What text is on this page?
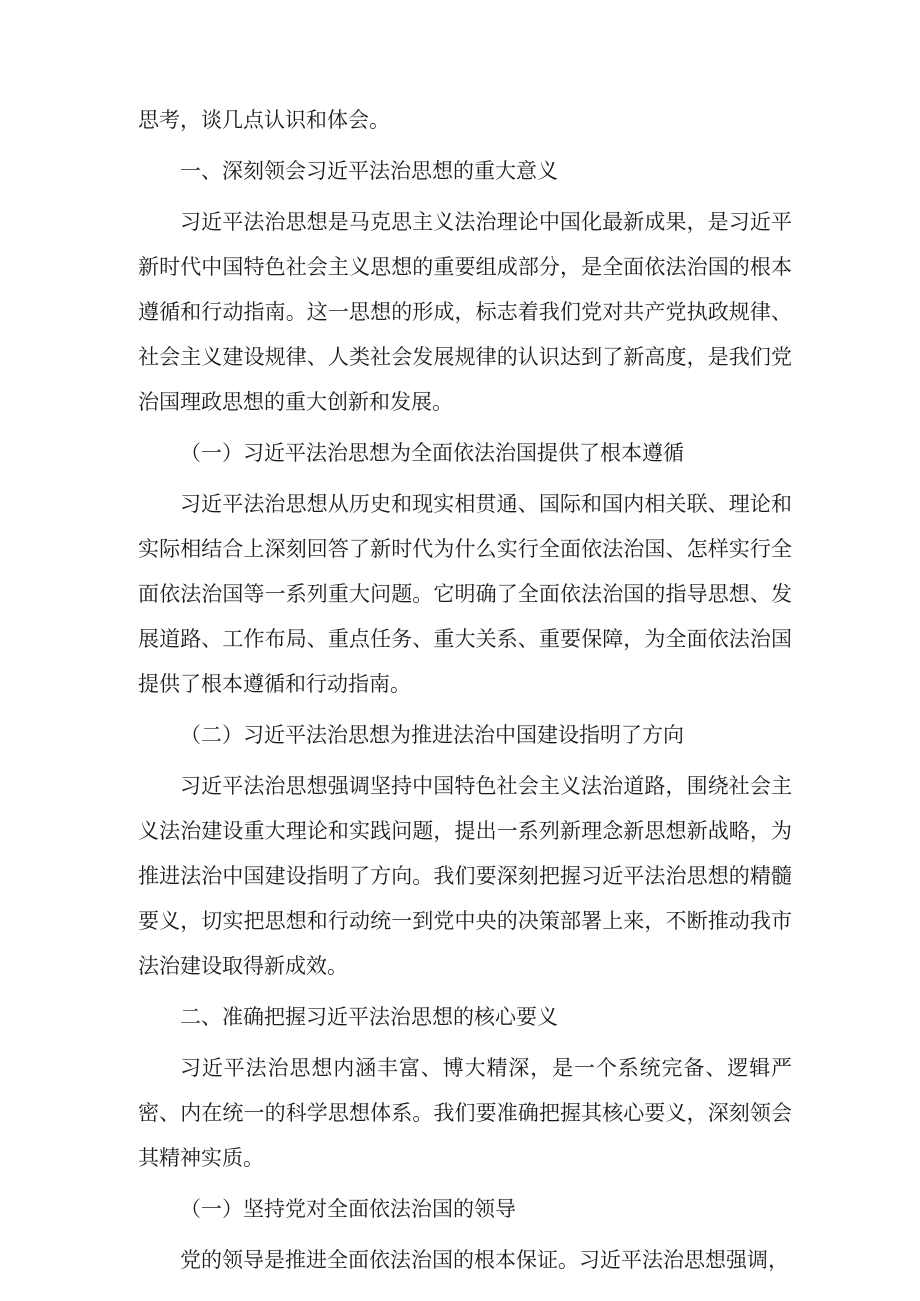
思考，谈几点认识和体会。

一、深刻领会习近平法治思想的重大意义

习近平法治思想是马克思主义法治理论中国化最新成果，是习近平新时代中国特色社会主义思想的重要组成部分，是全面依法治国的根本遵循和行动指南。这一思想的形成，标志着我们党对共产党执政规律、社会主义建设规律、人类社会发展规律的认识达到了新高度，是我们党治国理政思想的重大创新和发展。

（一）习近平法治思想为全面依法治国提供了根本遵循

习近平法治思想从历史和现实相贯通、国际和国内相关联、理论和实际相结合上深刻回答了新时代为什么实行全面依法治国、怎样实行全面依法治国等一系列重大问题。它明确了全面依法治国的指导思想、发展道路、工作布局、重点任务、重大关系、重要保障，为全面依法治国提供了根本遵循和行动指南。

（二）习近平法治思想为推进法治中国建设指明了方向

习近平法治思想强调坚持中国特色社会主义法治道路，围绕社会主义法治建设重大理论和实践问题，提出一系列新理念新思想新战略，为推进法治中国建设指明了方向。我们要深刻把握习近平法治思想的精髓要义，切实把思想和行动统一到党中央的决策部署上来，不断推动我市法治建设取得新成效。

二、准确把握习近平法治思想的核心要义

习近平法治思想内涵丰富、博大精深，是一个系统完备、逻辑严密、内在统一的科学思想体系。我们要准确把握其核心要义，深刻领会其精神实质。

（一）坚持党对全面依法治国的领导

党的领导是推进全面依法治国的根本保证。习近平法治思想强调，
